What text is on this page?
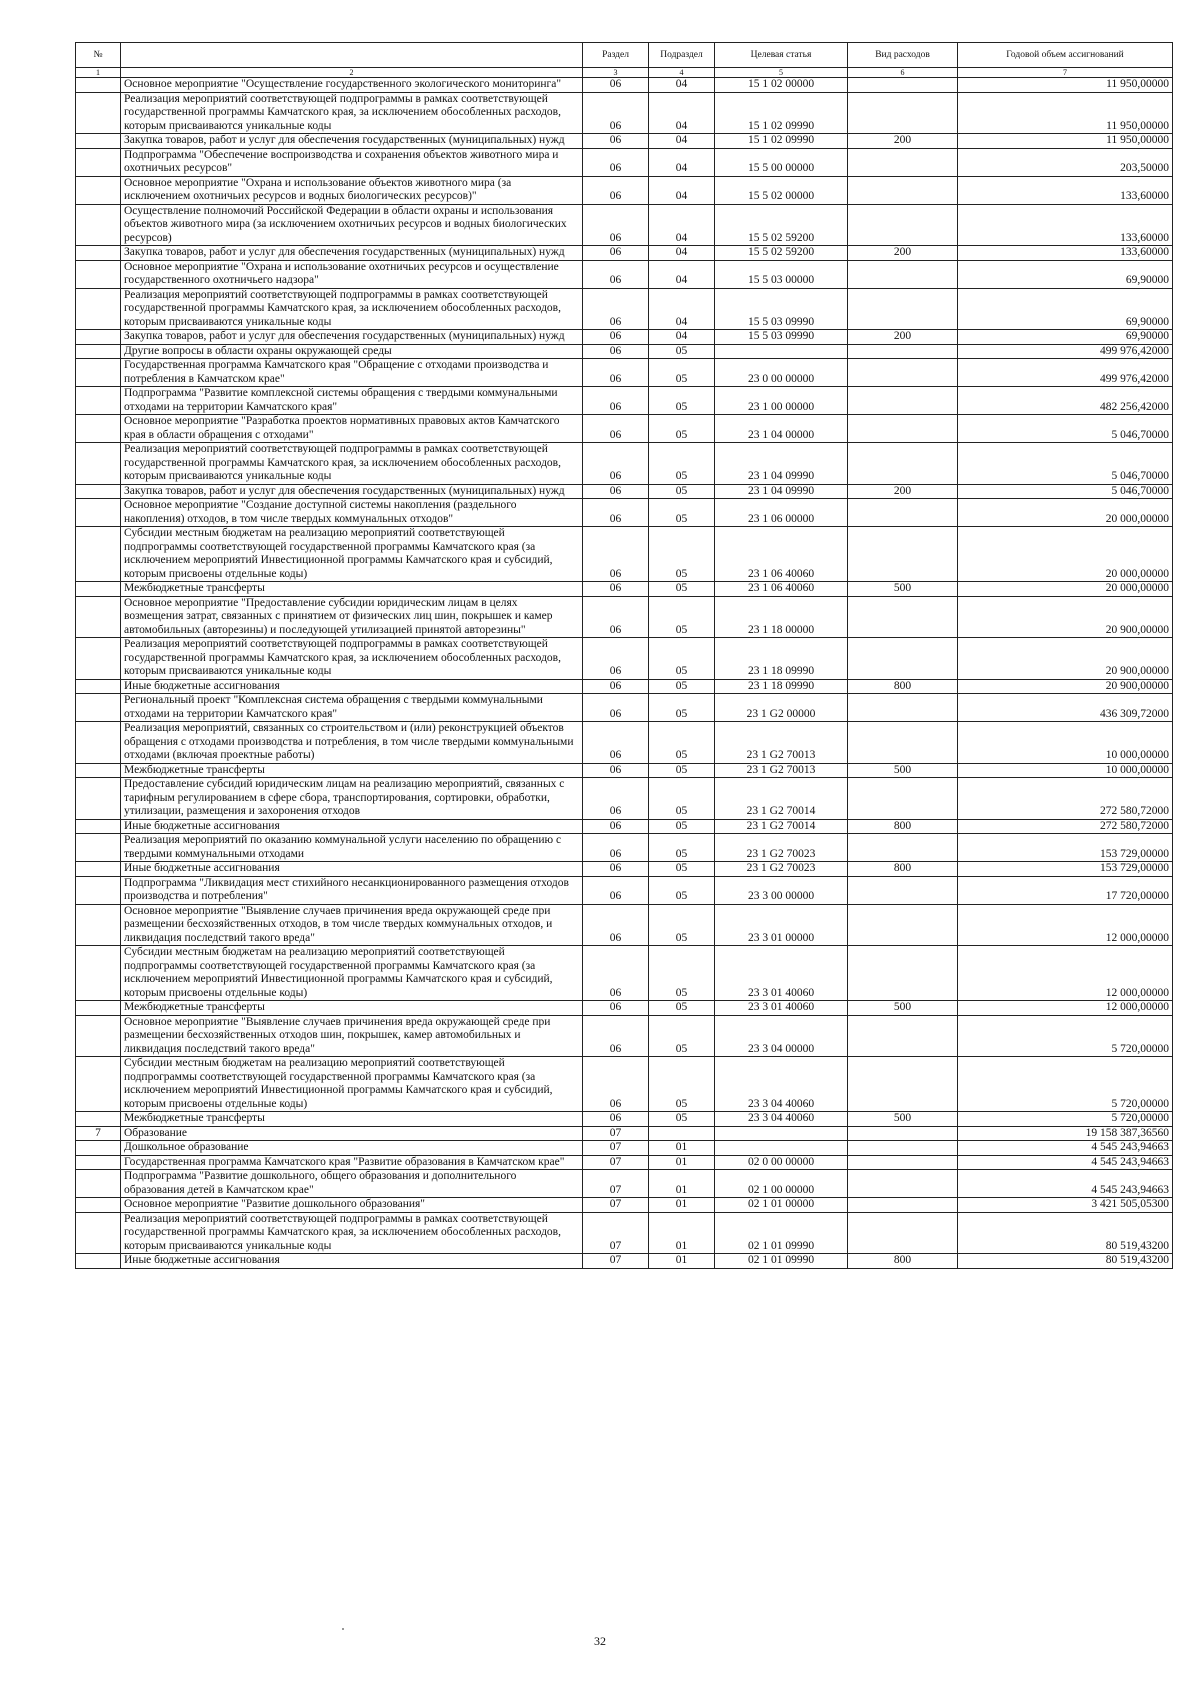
№		Раздел	Подраздел	Целевая статья	Вид расходов	Годовой объем ассигнований
1	2	3	4	5	6	7
	Основное мероприятие "Осуществление государственного экологического мониторинга"	06	04	15 1 02 00000		11 950,00000
	Реализация мероприятий соответствующей подпрограммы в рамках соответствующей государственной программы Камчатского края, за исключением обособленных расходов, которым присваиваются уникальные коды	06	04	15 1 02 09990		11 950,00000
	Закупка товаров, работ и услуг для обеспечения государственных (муниципальных) нужд	06	04	15 1 02 09990	200	11 950,00000
	Подпрограмма "Обеспечение воспроизводства и сохранения объектов животного мира и охотничьих ресурсов"	06	04	15 5 00 00000		203,50000
	Основное мероприятие "Охрана и использование объектов животного мира (за исключением охотничьих ресурсов и водных биологических ресурсов)"	06	04	15 5 02 00000		133,60000
	Осуществление полномочий Российской Федерации в области охраны и использования объектов животного мира (за исключением охотничьих ресурсов и водных биологических ресурсов)	06	04	15 5 02 59200		133,60000
	Закупка товаров, работ и услуг для обеспечения государственных (муниципальных) нужд	06	04	15 5 02 59200	200	133,60000
	Основное мероприятие "Охрана и использование охотничьих ресурсов и осуществление государственного охотничьего надзора"	06	04	15 5 03 00000		69,90000
	Реализация мероприятий соответствующей подпрограммы в рамках соответствующей государственной программы Камчатского края, за исключением обособленных расходов, которым присваиваются уникальные коды	06	04	15 5 03 09990		69,90000
	Закупка товаров, работ и услуг для обеспечения государственных (муниципальных) нужд	06	04	15 5 03 09990	200	69,90000
	Другие вопросы в области охраны окружающей среды	06	05			499 976,42000
	Государственная программа Камчатского края "Обращение с отходами производства и потребления в Камчатском крае"	06	05	23 0 00 00000		499 976,42000
	Подпрограмма "Развитие комплексной системы обращения с твердыми коммунальными отходами на территории Камчатского края"	06	05	23 1 00 00000		482 256,42000
	Основное мероприятие "Разработка проектов нормативных правовых актов Камчатского края в области обращения с отходами"	06	05	23 1 04 00000		5 046,70000
	Реализация мероприятий соответствующей подпрограммы в рамках соответствующей государственной программы Камчатского края, за исключением обособленных расходов, которым присваиваются уникальные коды	06	05	23 1 04 09990		5 046,70000
	Закупка товаров, работ и услуг для обеспечения государственных (муниципальных) нужд	06	05	23 1 04 09990	200	5 046,70000
	Основное мероприятие "Создание доступной системы накопления (раздельного накопления) отходов, в том числе твердых коммунальных отходов"	06	05	23 1 06 00000		20 000,00000
	Субсидии местным бюджетам на реализацию мероприятий соответствующей подпрограммы соответствующей государственной программы Камчатского края (за исключением мероприятий Инвестиционной программы Камчатского края и субсидий, которым присвоены отдельные коды)	06	05	23 1 06 40060		20 000,00000
	Межбюджетные трансферты	06	05	23 1 06 40060	500	20 000,00000
	Основное мероприятие "Предоставление субсидии юридическим лицам в целях возмещения затрат, связанных с принятием от физических лиц шин, покрышек и камер автомобильных (авторезины) и последующей утилизацией принятой авторезины"	06	05	23 1 18 00000		20 900,00000
	Реализация мероприятий соответствующей подпрограммы в рамках соответствующей государственной программы Камчатского края, за исключением обособленных расходов, которым присваиваются уникальные коды	06	05	23 1 18 09990		20 900,00000
	Иные бюджетные ассигнования	06	05	23 1 18 09990	800	20 900,00000
	Региональный проект "Комплексная система обращения с твердыми коммунальными отходами на территории Камчатского края"	06	05	23 1 G2 00000		436 309,72000
	Реализация мероприятий, связанных со строительством и (или) реконструкцией объектов обращения с отходами производства и потребления, в том числе твердыми коммунальными отходами (включая проектные работы)	06	05	23 1 G2 70013		10 000,00000
	Межбюджетные трансферты	06	05	23 1 G2 70013	500	10 000,00000
	Предоставление субсидий юридическим лицам на реализацию мероприятий, связанных с тарифным регулированием в сфере сбора, транспортирования, сортировки, обработки, утилизации, размещения и захоронения отходов	06	05	23 1 G2 70014		272 580,72000
	Иные бюджетные ассигнования	06	05	23 1 G2 70014	800	272 580,72000
	Реализация мероприятий по оказанию коммунальной услуги населению по обращению с твердыми коммунальными отходами	06	05	23 1 G2 70023		153 729,00000
	Иные бюджетные ассигнования	06	05	23 1 G2 70023	800	153 729,00000
	Подпрограмма "Ликвидация мест стихийного несанкционированного размещения отходов производства и потребления"	06	05	23 3 00 00000		17 720,00000
	Основное мероприятие "Выявление случаев причинения вреда окружающей среде при размещении бесхозяйственных отходов, в том числе твердых коммунальных отходов, и ликвидация последствий такого вреда"	06	05	23 3 01 00000		12 000,00000
	Субсидии местным бюджетам на реализацию мероприятий соответствующей подпрограммы соответствующей государственной программы Камчатского края (за исключением мероприятий Инвестиционной программы Камчатского края и субсидий, которым присвоены отдельные коды)	06	05	23 3 01 40060		12 000,00000
	Межбюджетные трансферты	06	05	23 3 01 40060	500	12 000,00000
	Основное мероприятие "Выявление случаев причинения вреда окружающей среде при размещении бесхозяйственных отходов шин, покрышек, камер автомобильных и ликвидация последствий такого вреда"	06	05	23 3 04 00000		5 720,00000
	Субсидии местным бюджетам на реализацию мероприятий соответствующей подпрограммы соответствующей государственной программы Камчатского края (за исключением мероприятий Инвестиционной программы Камчатского края и субсидий, которым присвоены отдельные коды)	06	05	23 3 04 40060		5 720,00000
	Межбюджетные трансферты	06	05	23 3 04 40060	500	5 720,00000
7	Образование	07				19 158 387,36560
	Дошкольное образование	07	01			4 545 243,94663
	Государственная программа Камчатского края "Развитие образования в Камчатском крае"	07	01	02 0 00 00000		4 545 243,94663
	Подпрограмма "Развитие дошкольного, общего образования и дополнительного образования детей в Камчатском крае"	07	01	02 1 00 00000		4 545 243,94663
	Основное мероприятие "Развитие дошкольного образования"	07	01	02 1 01 00000		3 421 505,05300
	Реализация мероприятий соответствующей подпрограммы в рамках соответствующей государственной программы Камчатского края, за исключением обособленных расходов, которым присваиваются уникальные коды	07	01	02 1 01 09990		80 519,43200
	Иные бюджетные ассигнования	07	01	02 1 01 09990	800	80 519,43200
32
